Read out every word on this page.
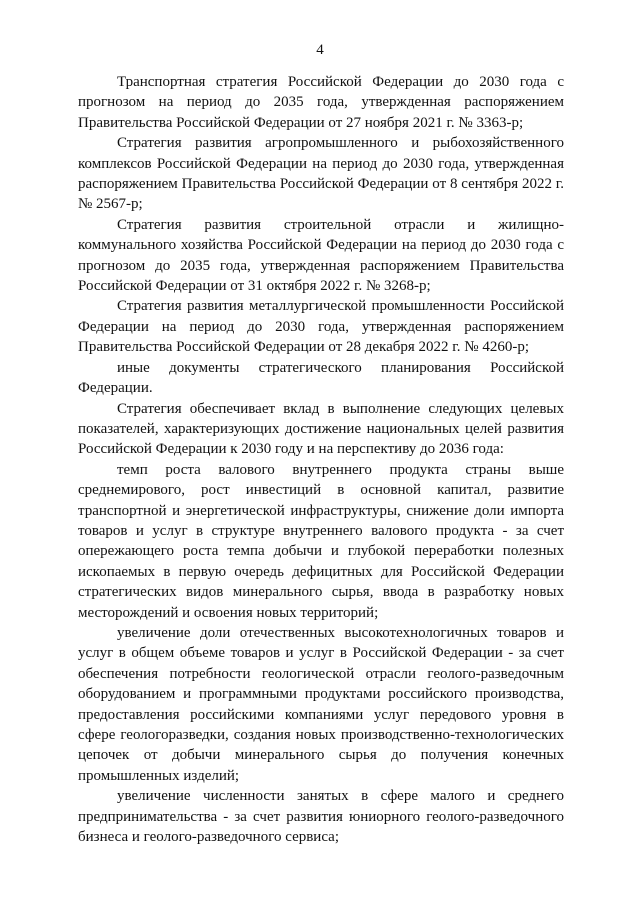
4

Транспортная стратегия Российской Федерации до 2030 года с прогнозом на период до 2035 года, утвержденная распоряжением Правительства Российской Федерации от 27 ноября 2021 г. № 3363-р;

Стратегия развития агропромышленного и рыбохозяйственного комплексов Российской Федерации на период до 2030 года, утвержденная распоряжением Правительства Российской Федерации от 8 сентября 2022 г. № 2567-р;

Стратегия развития строительной отрасли и жилищно-коммунального хозяйства Российской Федерации на период до 2030 года с прогнозом до 2035 года, утвержденная распоряжением Правительства Российской Федерации от 31 октября 2022 г. № 3268-р;

Стратегия развития металлургической промышленности Российской Федерации на период до 2030 года, утвержденная распоряжением Правительства Российской Федерации от 28 декабря 2022 г. № 4260-р;

иные документы стратегического планирования Российской Федерации.

Стратегия обеспечивает вклад в выполнение следующих целевых показателей, характеризующих достижение национальных целей развития Российской Федерации к 2030 году и на перспективу до 2036 года:

темп роста валового внутреннего продукта страны выше среднемирового, рост инвестиций в основной капитал, развитие транспортной и энергетической инфраструктуры, снижение доли импорта товаров и услуг в структуре внутреннего валового продукта - за счет опережающего роста темпа добычи и глубокой переработки полезных ископаемых в первую очередь дефицитных для Российской Федерации стратегических видов минерального сырья, ввода в разработку новых месторождений и освоения новых территорий;

увеличение доли отечественных высокотехнологичных товаров и услуг в общем объеме товаров и услуг в Российской Федерации - за счет обеспечения потребности геологической отрасли геолого-разведочным оборудованием и программными продуктами российского производства, предоставления российскими компаниями услуг передового уровня в сфере геологоразведки, создания новых производственно-технологических цепочек от добычи минерального сырья до получения конечных промышленных изделий;

увеличение численности занятых в сфере малого и среднего предпринимательства - за счет развития юниорного геолого-разведочного бизнеса и геолого-разведочного сервиса;
